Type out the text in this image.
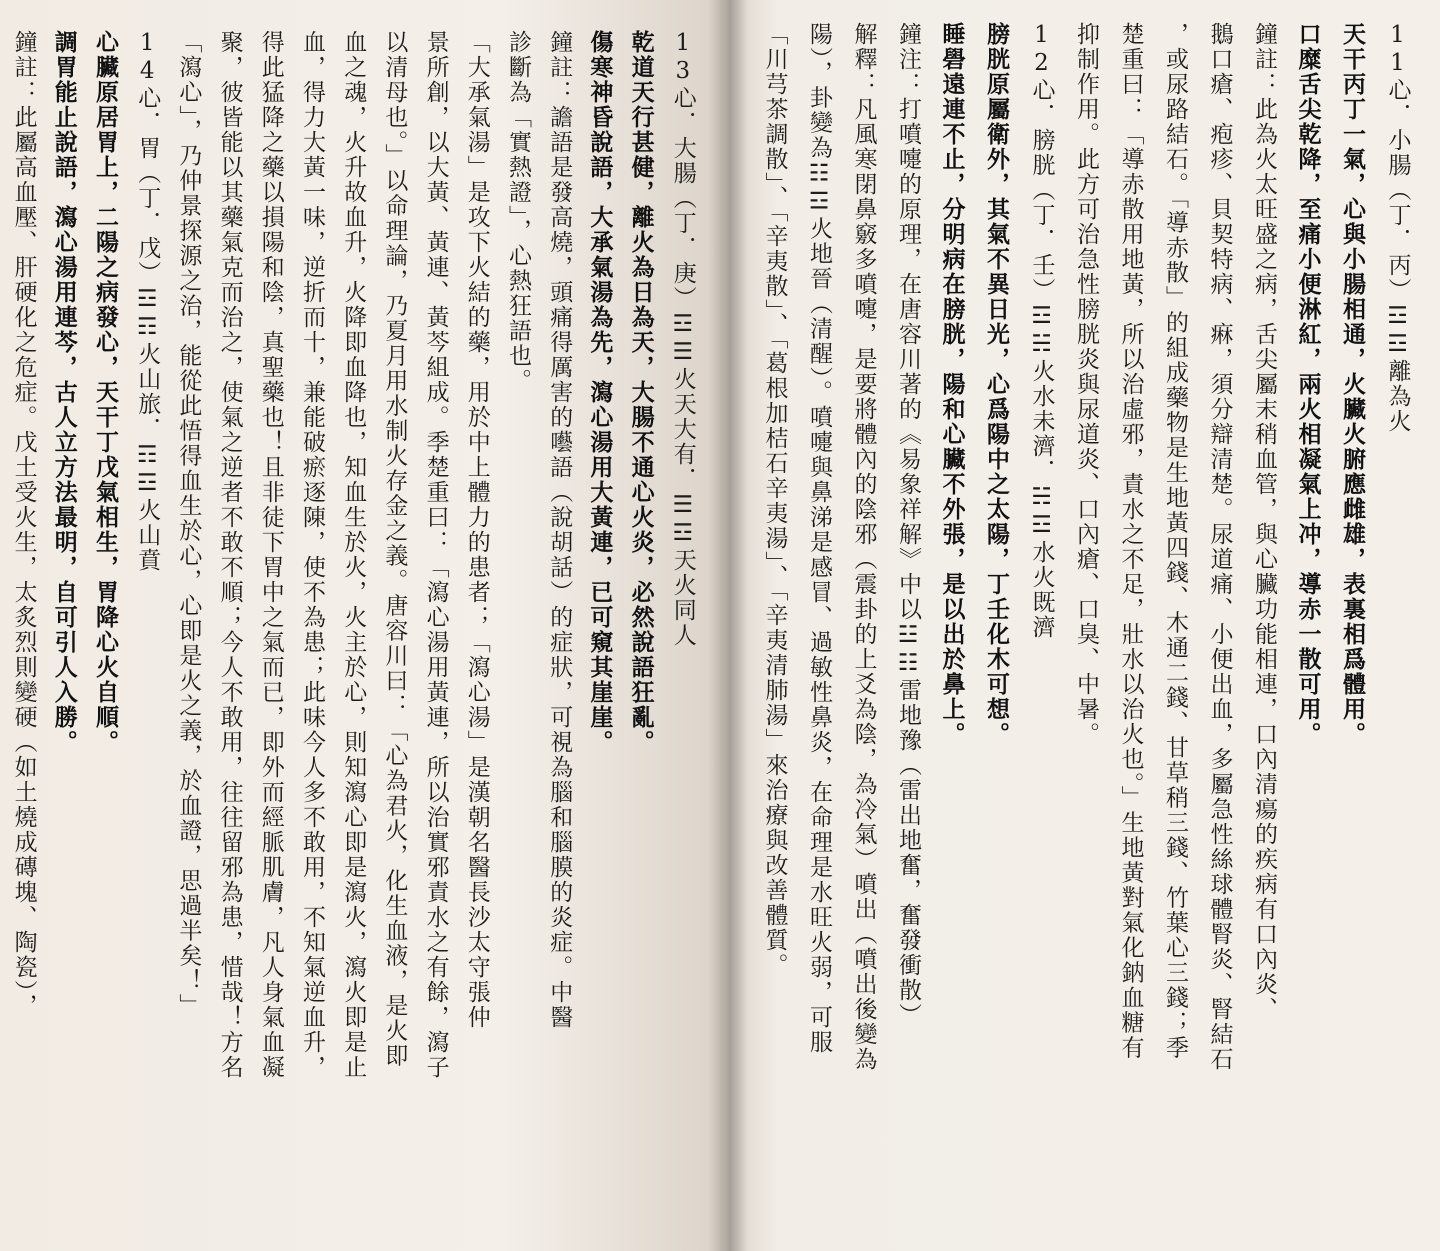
13心．大腸（丁．庚）☲☰火天大有．☰☲天火同人
乾道天行甚健，離火為日為天，大腸不通心火炎，必然說語狂亂。
傷寒神昏說語，大承氣湯為先，瀉心湯用大黃連，已可窺其崖崖。
鐘註：譫語是發高燒，頭痛得厲害的囈語（說胡話）的症狀，可視為腦和腦膜的炎症。中醫
診斷為「實熱證」，心熱狂語也。
「大承氣湯」是攻下火結的藥，用於中上體力的患者；「瀉心湯」是漢朝名醫長沙太守張仲
景所創，以大黃、黃連、黃芩組成。季楚重曰：「瀉心湯用黃連，所以治實邪責水之有餘，瀉子
以清母也。」以命理論，乃夏月用水制火存金之義。唐容川曰：「心為君火，化生血液，是火即
血之魂，火升故血升，火降即血降也，知血生於火，火主於心，則知瀉心即是瀉火，瀉火即是止
血，得力大黃一味，逆折而十，兼能破瘀逐陳，使不為患；此味今人多不敢用，不知氣逆血升，
得此猛降之藥以損陽和陰，真聖藥也！且非徒下胃中之氣而已，即外而經脈肌膚，凡人身氣血凝
聚，彼皆能以其藥氣克而治之，使氣之逆者不敢不順；今人不敢用，往往留邪為患，惜哉！方名
「瀉心」，乃仲景探源之治，能從此悟得血生於心，心即是火之義，於血證，思過半矣！」
14心．胃（丁．戊）☲☶火山旅．☶☲火山賁
心臟原居胃上，二陽之病發心，天干丁戊氣相生，胃降心火自順。
調胃能止說語，瀉心湯用連芩，古人立方法最明，自可引人入勝。
鐘註：此屬高血壓、肝硬化之危症。戊土受火生，太炙烈則變硬（如土燒成磚塊、陶瓷），	11心．小腸（丁．丙）☲☲離為火
天干丙丁一氣，心與小腸相通，火臟火腑應雌雄，表裏相爲體用。
口糜舌尖乾降，至痛小便淋紅，兩火相凝氣上冲，導赤一散可用。
鐘註：此為火太旺盛之病，舌尖屬末稍血管，與心臟功能相連，口內清瘍的疾病有口內炎、
鵝口瘡、疱疹、貝契特病、痳，須分辯清楚。尿道痛、小便出血，多屬急性絲球體腎炎、腎結石
，或尿路結石。「導赤散」的組成藥物是生地黃四錢、木通二錢、甘草稍三錢、竹葉心三錢；季
楚重曰：「導赤散用地黃，所以治虛邪，責水之不足，壯水以治火也。」生地黃對氣化鈉血糖有
抑制作用。此方可治急性膀胱炎與尿道炎、口內瘡、口臭、中暑。
12心．膀胱（丁．壬）☲☵火水未濟．☵☲水火既濟
膀胱原屬衛外，其氣不異日光，心爲陽中之太陽，丁壬化木可想。
睡礐遠連不止，分明病在膀胱，陽和心臟不外張，是以出於鼻上。
鐘注：打噴嚏的原理，在唐容川著的《易象祥解》中以☳☷雷地豫（雷出地奮，奮發衝散）
解釋：凡風寒閉鼻竅多噴嚏，是要將體內的陰邪（震卦的上爻為陰，為冷氣）噴出（噴出後變為
陽），卦變為☷☲火地晉（清醒）。噴嚏與鼻涕是感冒、過敏性鼻炎，在命理是水旺火弱，可服
「川芎茶調散」、「辛夷散」、「葛根加桔石辛夷湯」、「辛夷清肺湯」來治療與改善體質。
